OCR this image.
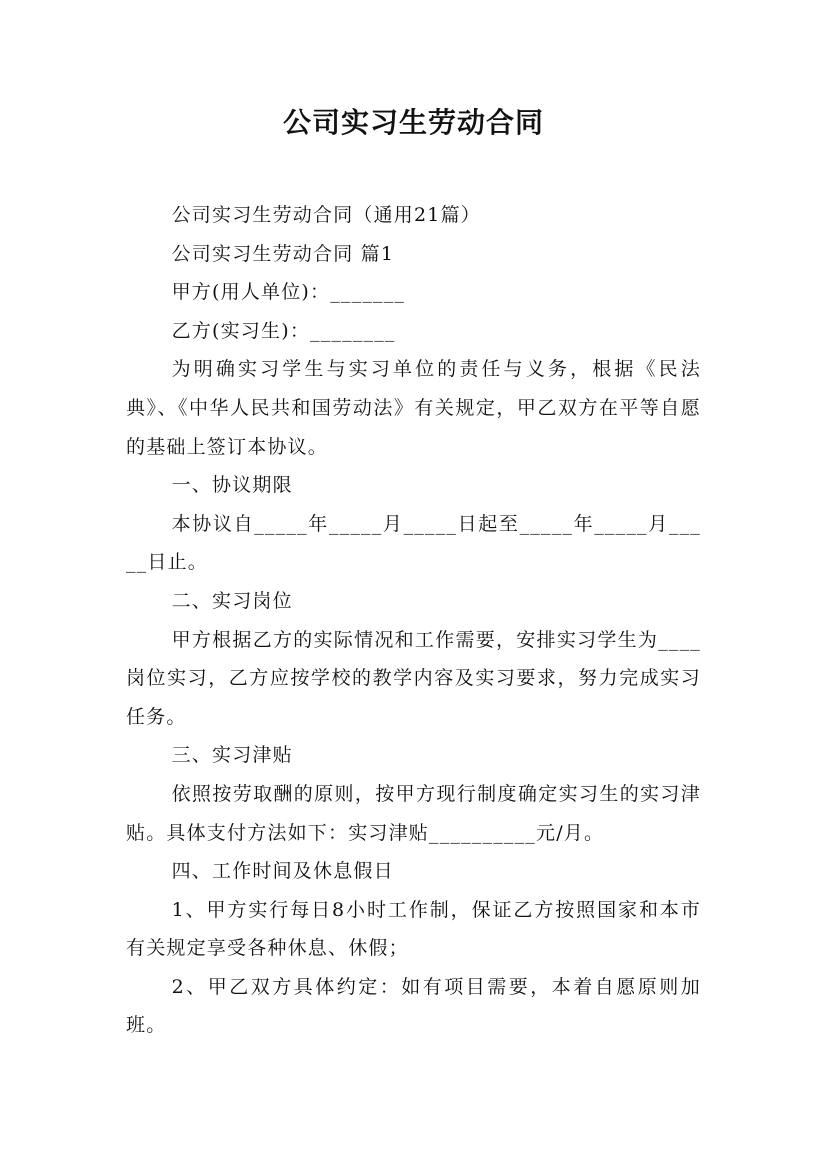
公司实习生劳动合同

公司实习生劳动合同（通用21篇）

公司实习生劳动合同 篇1

甲方(用人单位)：_______

乙方(实习生)：________

为明确实习学生与实习单位的责任与义务，根据《民法典》、《中华人民共和国劳动法》有关规定，甲乙双方在平等自愿的基础上签订本协议。

一、协议期限

本协议自_____年_____月_____日起至_____年_____月_____日止。

二、实习岗位

甲方根据乙方的实际情况和工作需要，安排实习学生为____岗位实习，乙方应按学校的教学内容及实习要求，努力完成实习任务。

三、实习津贴

依照按劳取酬的原则，按甲方现行制度确定实习生的实习津贴。具体支付方法如下：实习津贴__________元/月。

四、工作时间及休息假日

1、甲方实行每日8小时工作制，保证乙方按照国家和本市有关规定享受各种休息、休假；

2、甲乙双方具体约定：如有项目需要，本着自愿原则加班。
